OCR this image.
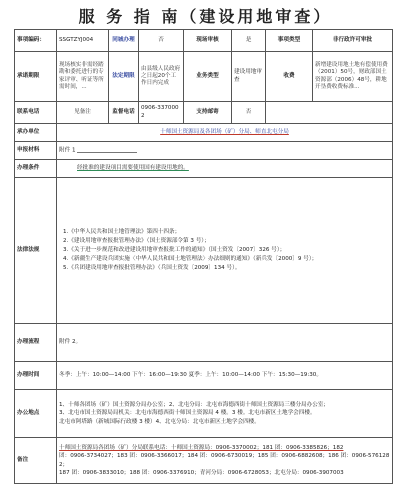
服 务 指 南（建设用地审查）
事项编码：	SSGTZYJ004	同城办理	否	现场审核	是	事项类型	非行政许可审批
承诺期限	现场核实非需经踏勘和委托进行的专家评审、听证等所需时间，...	法定期限	由县级人民政府之日起20个工作日内完成	业务类型	建设用地审查	收费	新增建设用地土地有偿使用费（2001）50号，财政部国土资源部（2006）48号，耕地开垦费收费标准...
联系电话	见备注	监督电话	0906-3370002	支持邮寄	否		
承办单位	十师国土资源局及各团场（矿）分局、师直北屯分局						
申报材料	附件 1						
办理条件	经批准的建设项目需要使用国有建设用地的。						
法律法规	1.《中华人民共和国土地管理法》第四十四条；
2.《建设用地审查报批管理办法》（国土资源部令第 3 号）；
3.《关于进一步规范和改进建设用地审查报批工作的通知》（国土资发〔2007〕326 号）；
4.《新疆生产建设兵团实施〈中华人民共和国土地管理法〉办法细则的通知》（新兵发〔2000〕9 号）；
5.《兵团建设用地审查报批管理办法》（兵国土资发〔2009〕134 号）。						

办理流程	附件 2。						
办理时间	冬季：上午：10:00—14:00 下午：16:00—19:30 夏季：上午：10:00—14:00 下午：15:30—19:30。						
办公地点	1、十师各团场（矿）国土资源分局办公室；2、北屯分局：北屯市海德西街十师国土资源局三楼分局办公室；
3、北屯市国土资源局局机关：北屯市海德西街十师国土资源局 4 楼。3 楼。北屯市新区土地学会四楼。
北屯市阿塔路（新城国际行政楼 3 楼）4、北屯分局：北屯市新区土地学会四楼。						

备注	十师国土资源局各团场（矿）分局联系电话：十师国土资源局：0906-3370002；181 团：0906-3385826；182
团：0906-3734027；183 团：0906-3366017；184 团：0906-6730019；185 团：0906-6882608；186 团：0906-5761282；
187 团：0906-3833010；188 团：0906-3376910；青河分局：0906-6728053；北屯分局：0906-3907003						
